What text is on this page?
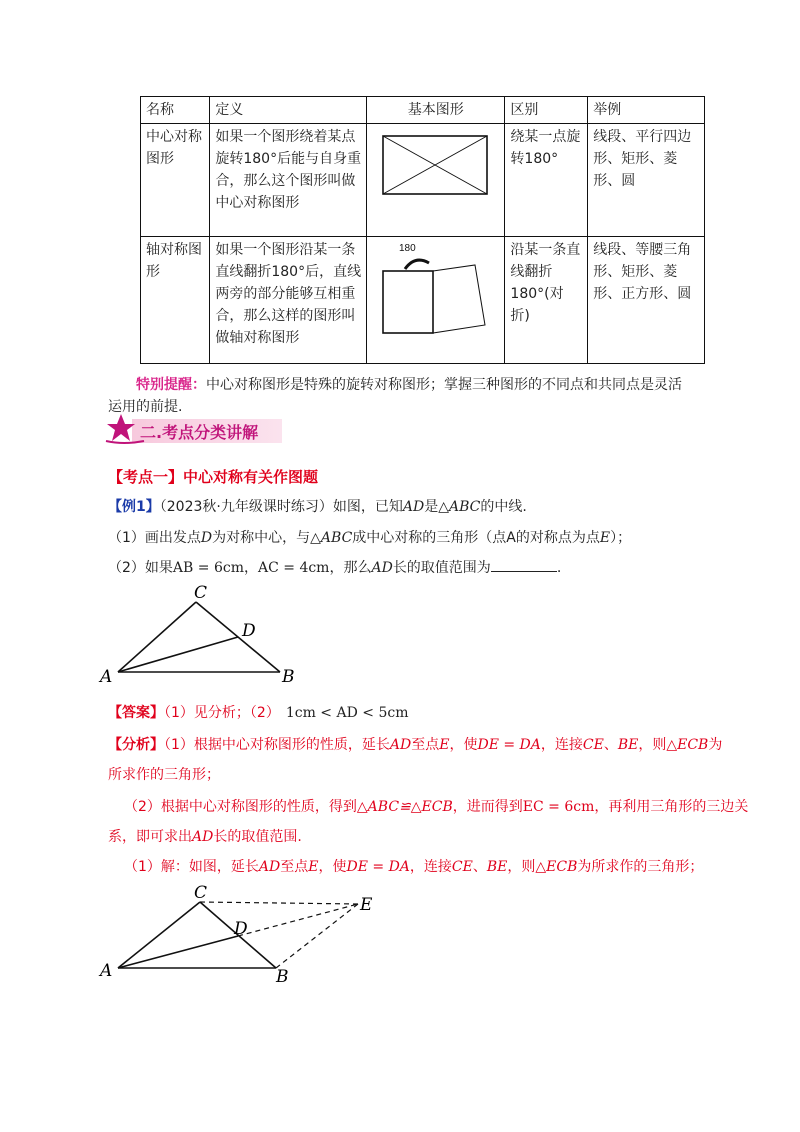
名称	定义	基本图形	区别	举例
中心对称图形	如果一个图形绕着某点旋转180°后能与自身重合，那么这个图形叫做中心对称图形		绕某一点旋转180°	线段、平行四边形、矩形、菱形、圆
轴对称图形	如果一个图形沿某一条直线翻折180°后，直线两旁的部分能够互相重合，那么这样的图形叫做轴对称图形	180	沿某一条直线翻折180°(对折)	线段、等腰三角形、矩形、菱形、正方形、圆
特别提醒：中心对称图形是特殊的旋转对称图形；掌握三种图形的不同点和共同点是灵活
运用的前提.
二.考点分类讲解
【考点一】中心对称有关作图题
【例1】（2023秋·九年级课时练习）如图，已知AD是△ABC的中线.
（1）画出发点D为对称中心，与△ABC成中心对称的三角形（点A的对称点为点E）；
（2）如果AB = 6cm，AC = 4cm，那么AD长的取值范围为	.
C
D
A	B
【答案】（1）见分析；（2） 1cm < AD < 5cm
【分析】（1）根据中心对称图形的性质，延长AD至点E，使DE = DA，连接CE、BE，则△ECB为
所求作的三角形；
（2）根据中心对称图形的性质，得到△ABC≌△ECB，进而得到EC = 6cm，再利用三角形的三边关
系，即可求出AD长的取值范围.
（1）解：如图，延长AD至点E，使DE = DA，连接CE、BE，则△ECB为所求作的三角形；
C
D
E
A	B
